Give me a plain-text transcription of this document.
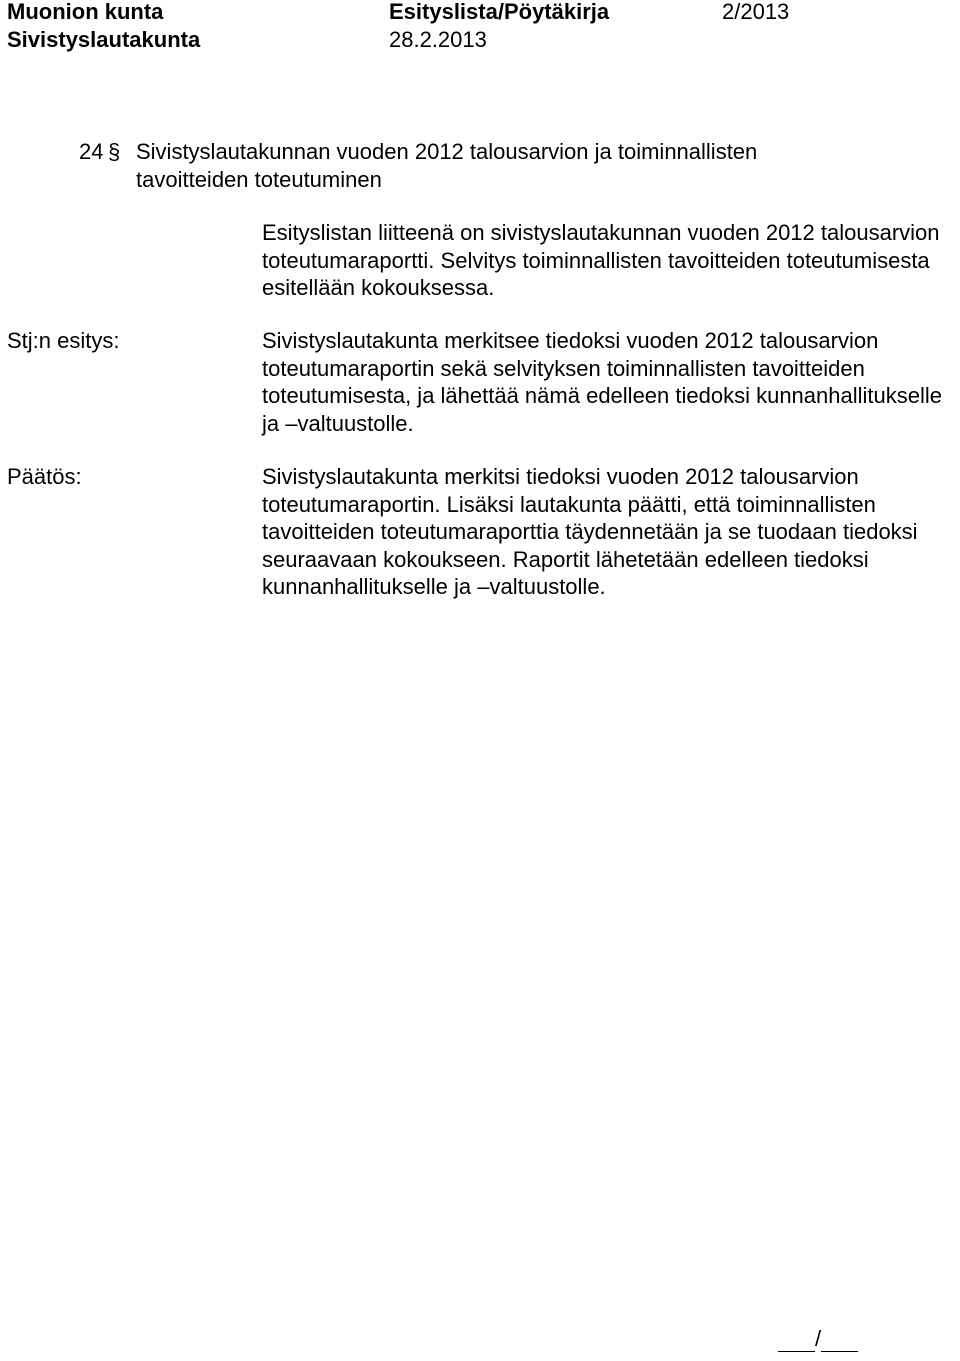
Muonion kunta	Esityslista/Pöytäkirja	2/2013
Sivistyslautakunta	28.2.2013
24 § Sivistyslautakunnan vuoden 2012 talousarvion ja toiminnallisten tavoitteiden toteutuminen
Esityslistan liitteenä on sivistyslautakunnan vuoden 2012 talousarvion toteutumaraportti. Selvitys toiminnallisten tavoitteiden toteutumisesta esitellään kokouksessa.
Stj:n esitys:	Sivistyslautakunta merkitsee tiedoksi vuoden 2012 talousarvion toteutumaraportin sekä selvityksen toiminnallisten tavoitteiden toteutumisesta, ja lähettää nämä edelleen tiedoksi kunnanhallitukselle ja –valtuustolle.
Päätös:	Sivistyslautakunta merkitsi tiedoksi vuoden 2012 talousarvion toteutumaraportin. Lisäksi lautakunta päätti, että toiminnallisten tavoitteiden toteutumaraporttia täydennetään ja se tuodaan tiedoksi seuraavaan kokoukseen. Raportit lähetetään edelleen tiedoksi kunnanhallitukselle ja –valtuustolle.
/
